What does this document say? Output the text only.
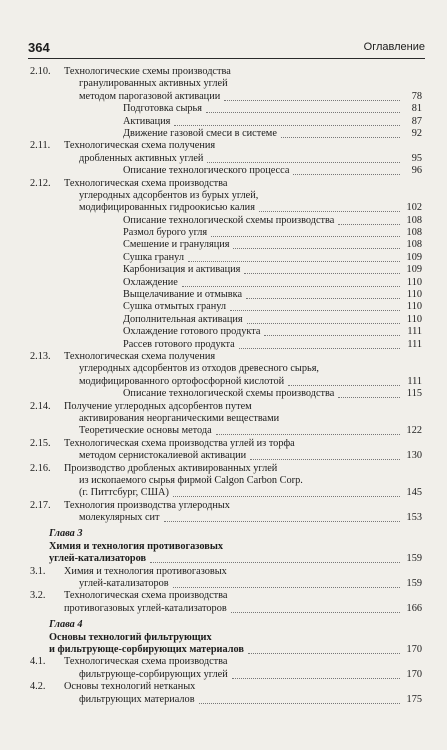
364	Оглавление
2.10. Технологические схемы производства
гранулированных активных углей
методом парогазовой активации	78
Подготовка сырья	81
Активация	87
Движение газовой смеси в системе	92
2.11. Технологическая схема получения
дробленных активных углей	95
Описание технологического процесса	96
2.12. Технологическая схема производства
углеродных адсорбентов из бурых углей,
модифицированных гидроокисью калия	102
Описание технологической схемы производства	108
Размол бурого угля	108
Смешение и грануляция	108
Сушка гранул	109
Карбонизация и активация	109
Охлаждение	110
Выщелачивание и отмывка	110
Сушка отмытых гранул	110
Дополнительная активация	110
Охлаждение готового продукта	111
Рассев готового продукта	111
2.13. Технологическая схема получения
углеродных адсорбентов из отходов древесного сырья,
модифицированного ортофосфорной кислотой	111
Описание технологической схемы производства	115
2.14. Получение углеродных адсорбентов путем
активирования неорганическими веществами
Теоретические основы метода	122
2.15. Технологическая схема производства углей из торфа
методом сернистокалиевой активации	130
2.16. Производство дробленых активированных углей
из ископаемого сырья фирмой Calgon Carbon Corp.
(г. Питтсбург, США)	145
2.17. Технология производства углеродных
молекулярных сит	153
Глава 3
Химия и технология противогазовых
углей-катализаторов	159
3.1. Химия и технология противогазовых
углей-катализаторов	159
3.2. Технологическая схема производства
противогазовых углей-катализаторов	166
Глава 4
Основы технологий фильтрующих
и фильтрующе-сорбирующих материалов	170
4.1. Технологическая схема производства
фильтрующе-сорбирующих углей	170
4.2. Основы технологий нетканых
фильтрующих материалов	175
